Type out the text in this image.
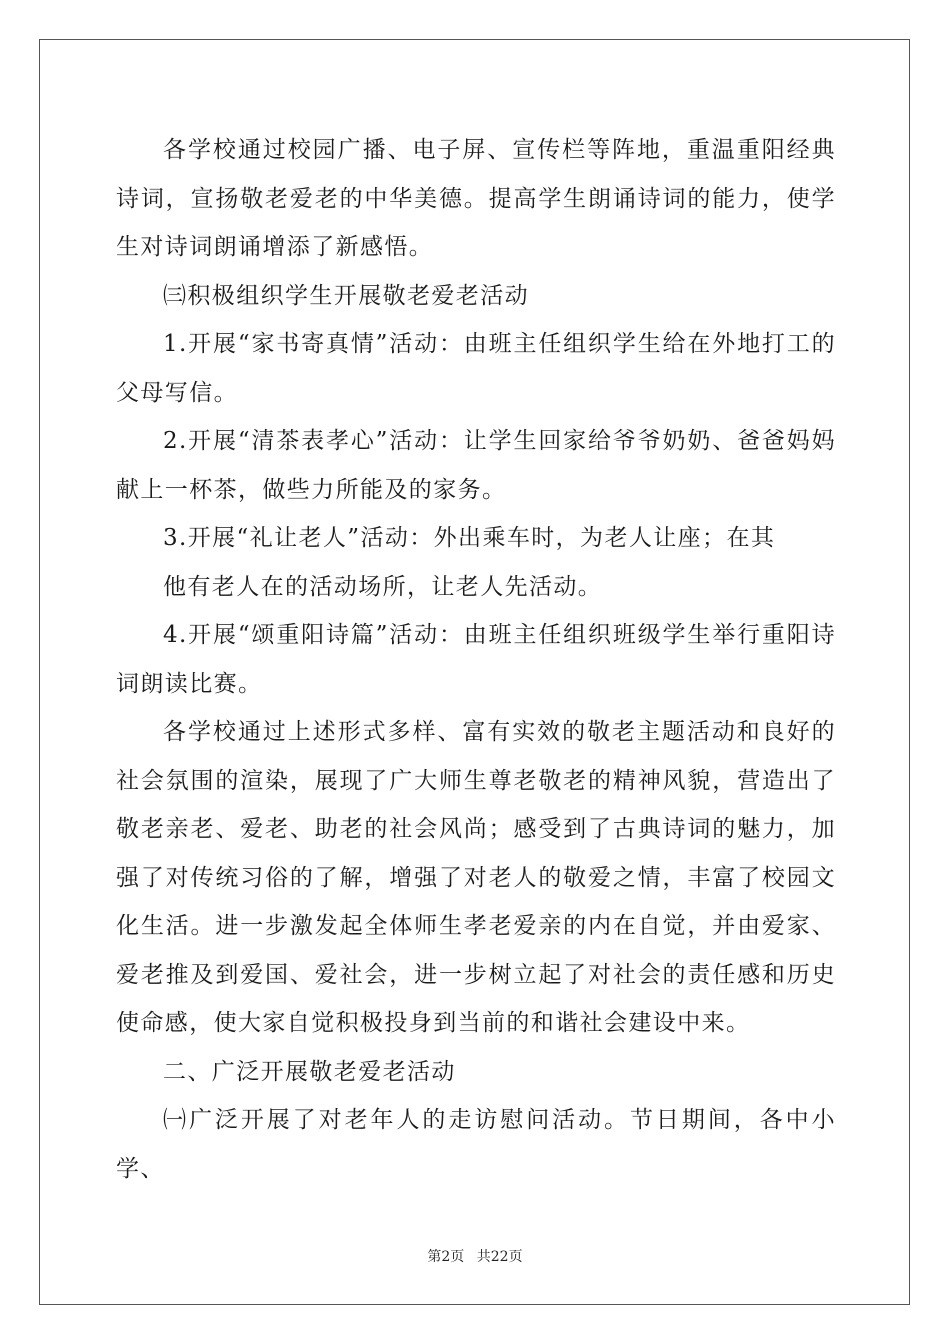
各学校通过校园广播、电子屏、宣传栏等阵地，重温重阳经典诗词，宣扬敬老爱老的中华美德。提高学生朗诵诗词的能力，使学生对诗词朗诵增添了新感悟。

㈢积极组织学生开展敬老爱老活动

1.开展“家书寄真情”活动：由班主任组织学生给在外地打工的父母写信。

2.开展“清茶表孝心”活动：让学生回家给爷爷奶奶、爸爸妈妈献上一杯茶，做些力所能及的家务。

3.开展“礼让老人”活动：外出乘车时，为老人让座；在其

他有老人在的活动场所，让老人先活动。

4.开展“颂重阳诗篇”活动：由班主任组织班级学生举行重阳诗词朗读比赛。

各学校通过上述形式多样、富有实效的敬老主题活动和良好的社会氛围的渲染，展现了广大师生尊老敬老的精神风貌，营造出了敬老亲老、爱老、助老的社会风尚；感受到了古典诗词的魅力，加强了对传统习俗的了解，增强了对老人的敬爱之情，丰富了校园文化生活。进一步激发起全体师生孝老爱亲的内在自觉，并由爱家、爱老推及到爱国、爱社会，进一步树立起了对社会的责任感和历史使命感，使大家自觉积极投身到当前的和谐社会建设中来。

二、广泛开展敬老爱老活动

㈠广泛开展了对老年人的走访慰问活动。节日期间，各中小学、

第2页 共22页
